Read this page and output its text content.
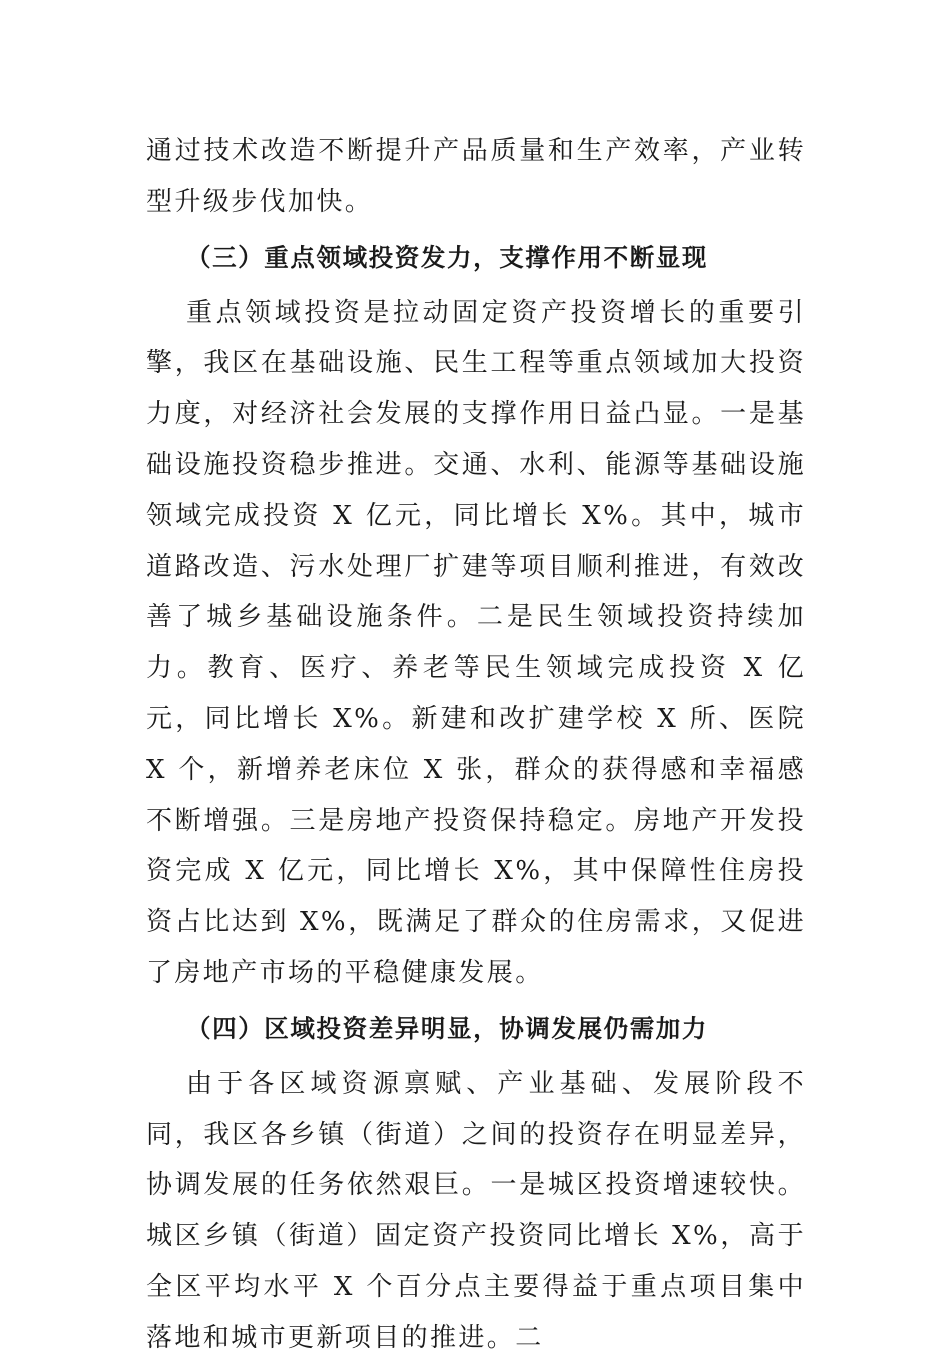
通过技术改造不断提升产品质量和生产效率，产业转型升级步伐加快。

（三）重点领域投资发力，支撑作用不断显现

重点领域投资是拉动固定资产投资增长的重要引擎，我区在基础设施、民生工程等重点领域加大投资力度，对经济社会发展的支撑作用日益凸显。一是基础设施投资稳步推进。交通、水利、能源等基础设施领域完成投资 X 亿元，同比增长 X%。其中，城市道路改造、污水处理厂扩建等项目顺利推进，有效改善了城乡基础设施条件。二是民生领域投资持续加力。教育、医疗、养老等民生领域完成投资 X 亿元，同比增长 X%。新建和改扩建学校 X 所、医院 X 个，新增养老床位 X 张，群众的获得感和幸福感不断增强。三是房地产投资保持稳定。房地产开发投资完成 X 亿元，同比增长 X%，其中保障性住房投资占比达到 X%，既满足了群众的住房需求，又促进了房地产市场的平稳健康发展。

（四）区域投资差异明显，协调发展仍需加力

由于各区域资源禀赋、产业基础、发展阶段不同，我区各乡镇（街道）之间的投资存在明显差异，协调发展的任务依然艰巨。一是城区投资增速较快。城区乡镇（街道）固定资产投资同比增长 X%，高于全区平均水平 X 个百分点主要得益于重点项目集中落地和城市更新项目的推进。二
